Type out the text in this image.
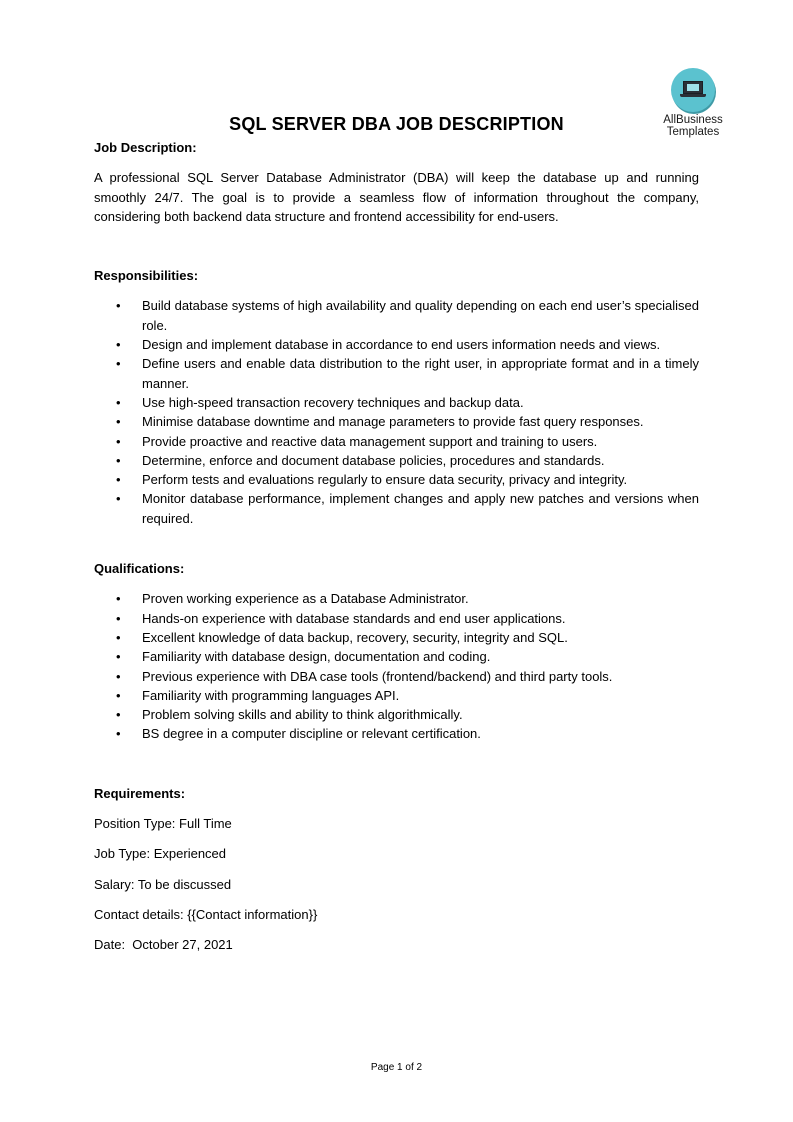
AllBusiness
Templates
SQL SERVER DBA JOB DESCRIPTION
Job Description:

A professional SQL Server Database Administrator (DBA) will keep the database up and running smoothly 24/7. The goal is to provide a seamless flow of information throughout the company, considering both backend data structure and frontend accessibility for end-users.

Responsibilities:
• Build database systems of high availability and quality depending on each end user’s specialised role.
• Design and implement database in accordance to end users information needs and views.
• Define users and enable data distribution to the right user, in appropriate format and in a timely manner.
• Use high-speed transaction recovery techniques and backup data.
• Minimise database downtime and manage parameters to provide fast query responses.
• Provide proactive and reactive data management support and training to users.
• Determine, enforce and document database policies, procedures and standards.
• Perform tests and evaluations regularly to ensure data security, privacy and integrity.
• Monitor database performance, implement changes and apply new patches and versions when required.
Qualifications:
• Proven working experience as a Database Administrator.
• Hands-on experience with database standards and end user applications.
• Excellent knowledge of data backup, recovery, security, integrity and SQL.
• Familiarity with database design, documentation and coding.
• Previous experience with DBA case tools (frontend/backend) and third party tools.
• Familiarity with programming languages API.
• Problem solving skills and ability to think algorithmically.
• BS degree in a computer discipline or relevant certification.
Requirements:

Position Type: Full Time

Job Type: Experienced

Salary: To be discussed

Contact details: {{Contact information}}

Date:  October 27, 2021

Page 1 of 2
